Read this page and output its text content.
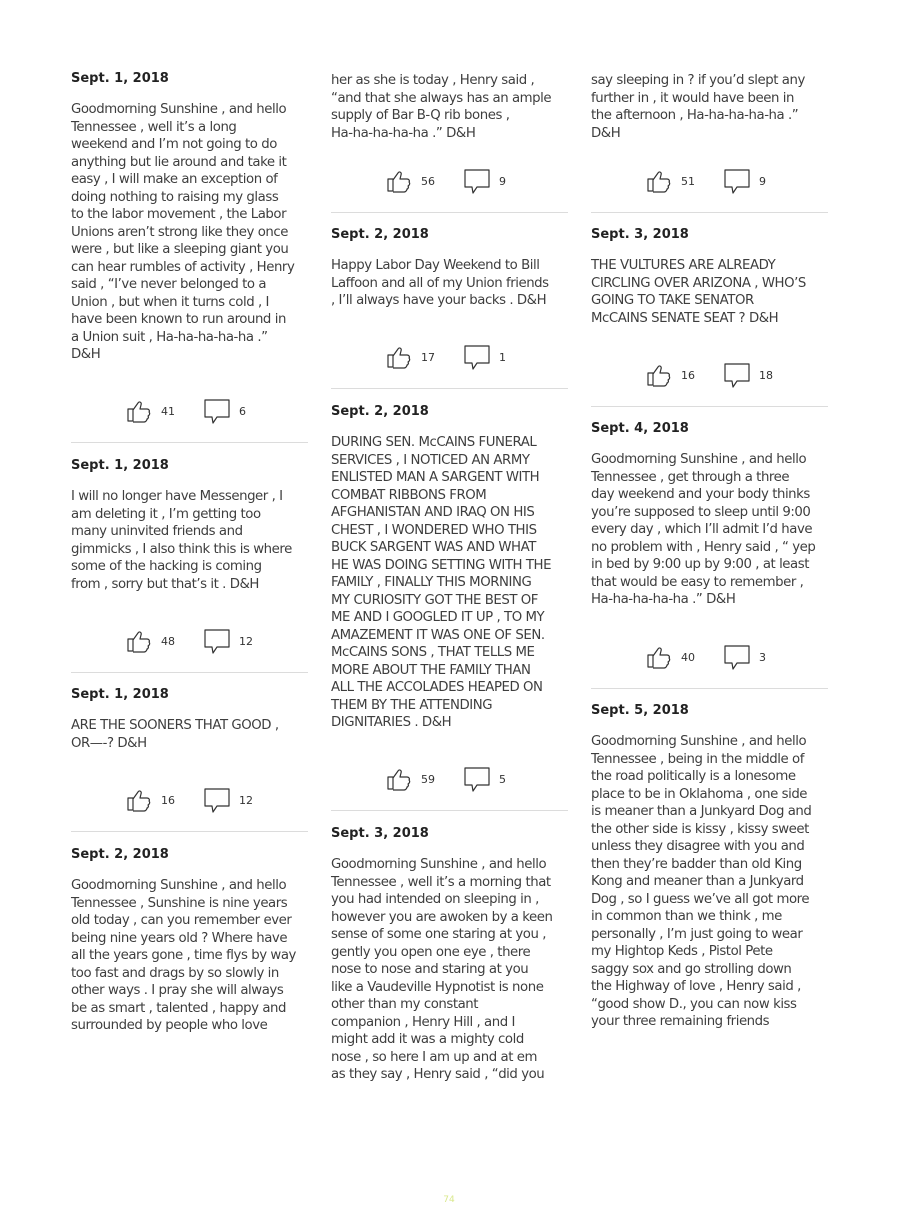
Sept. 1, 2018

Goodmorning Sunshine , and hello
Tennessee , well it’s a long
weekend and I’m not going to do
anything but lie around and take it
easy , I will make an exception of
doing nothing to raising my glass
to the labor movement , the Labor
Unions aren’t strong like they once
were , but like a sleeping giant you
can hear rumbles of activity , Henry
said , “I’ve never belonged to a
Union , but when it turns cold , I
have been known to run around in
a Union suit , Ha-ha-ha-ha-ha .”
D&H

41	6
Sept. 1, 2018

I will no longer have Messenger , I
am deleting it , I’m getting too
many uninvited friends and
gimmicks , I also think this is where
some of the hacking is coming
from , sorry but that’s it . D&H

48	12
Sept. 1, 2018

ARE THE SOONERS THAT GOOD ,
OR—-? D&H

16	12
Sept. 2, 2018

Goodmorning Sunshine , and hello
Tennessee , Sunshine is nine years
old today , can you remember ever
being nine years old ? Where have
all the years gone , time flys by way
too fast and drags by so slowly in
other ways . I pray she will always
be as smart , talented , happy and
surrounded by people who love

her as she is today , Henry said ,
“and that she always has an ample
supply of Bar B-Q rib bones ,
Ha-ha-ha-ha-ha .” D&H

56	9
Sept. 2, 2018

Happy Labor Day Weekend to Bill
Laffoon and all of my Union friends
, I’ll always have your backs . D&H

17	1
Sept. 2, 2018

DURING SEN. McCAINS FUNERAL
SERVICES , I NOTICED AN ARMY
ENLISTED MAN A SARGENT WITH
COMBAT RIBBONS FROM
AFGHANISTAN AND IRAQ ON HIS
CHEST , I WONDERED WHO THIS
BUCK SARGENT WAS AND WHAT
HE WAS DOING SETTING WITH THE
FAMILY , FINALLY THIS MORNING
MY CURIOSITY GOT THE BEST OF
ME AND I GOOGLED IT UP , TO MY
AMAZEMENT IT WAS ONE OF SEN.
McCAINS SONS , THAT TELLS ME
MORE ABOUT THE FAMILY THAN
ALL THE ACCOLADES HEAPED ON
THEM BY THE ATTENDING
DIGNITARIES . D&H

59	5
Sept. 3, 2018

Goodmorning Sunshine , and hello
Tennessee , well it’s a morning that
you had intended on sleeping in ,
however you are awoken by a keen
sense of some one staring at you ,
gently you open one eye , there
nose to nose and staring at you
like a Vaudeville Hypnotist is none
other than my constant
companion , Henry Hill , and I
might add it was a mighty cold
nose , so here I am up and at em
as they say , Henry said , “did you

say sleeping in ? if you’d slept any
further in , it would have been in
the afternoon , Ha-ha-ha-ha-ha .”
D&H

51	9
Sept. 3, 2018

THE VULTURES ARE ALREADY
CIRCLING OVER ARIZONA , WHO’S
GOING TO TAKE SENATOR
McCAINS SENATE SEAT ? D&H

16	18
Sept. 4, 2018

Goodmorning Sunshine , and hello
Tennessee , get through a three
day weekend and your body thinks
you’re supposed to sleep until 9:00
every day , which I’ll admit I’d have
no problem with , Henry said , “ yep
in bed by 9:00 up by 9:00 , at least
that would be easy to remember ,
Ha-ha-ha-ha-ha .” D&H

40	3
Sept. 5, 2018

Goodmorning Sunshine , and hello
Tennessee , being in the middle of
the road politically is a lonesome
place to be in Oklahoma , one side
is meaner than a Junkyard Dog and
the other side is kissy , kissy sweet
unless they disagree with you and
then they’re badder than old King
Kong and meaner than a Junkyard
Dog , so I guess we’ve all got more
in common than we think , me
personally , I’m just going to wear
my Hightop Keds , Pistol Pete
saggy sox and go strolling down
the Highway of love , Henry said ,
“good show D., you can now kiss
your three remaining friends

74
